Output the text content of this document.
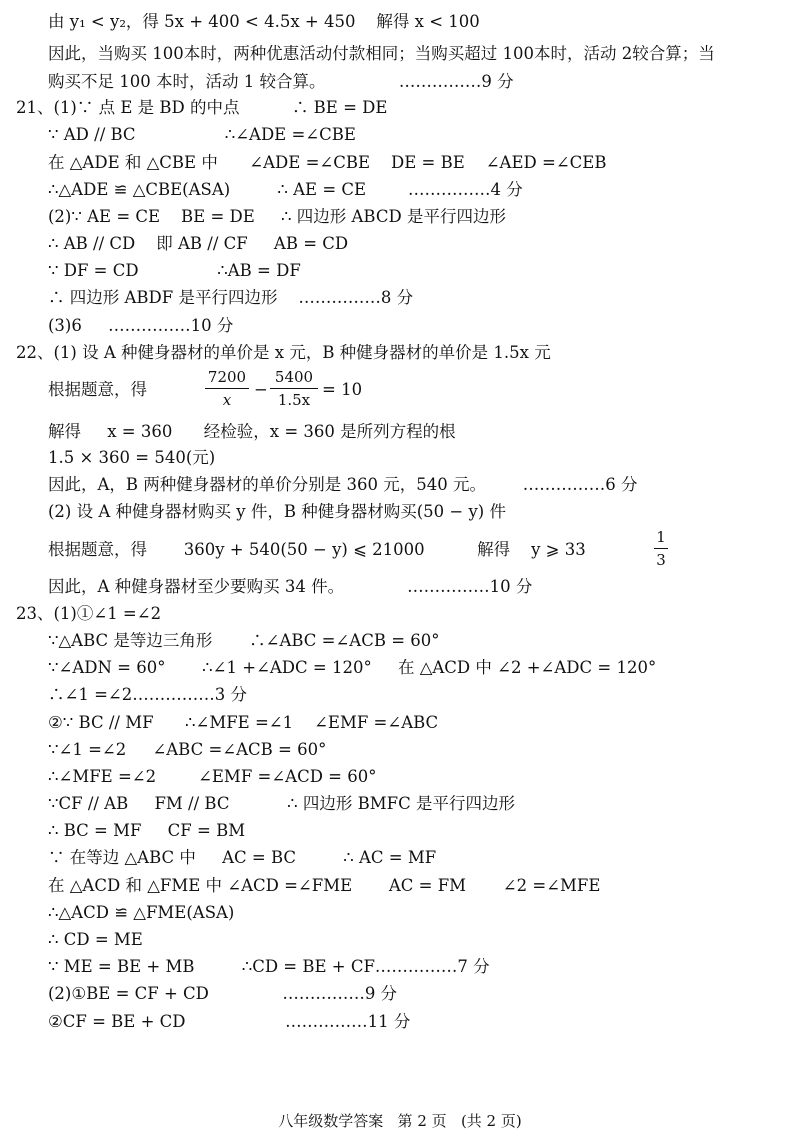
由 y₁ < y₂，得 5x + 400 < 4.5x + 450    解得 x < 100
因此，当购买 100本时，两种优惠活动付款相同；当购买超过 100本时，活动 2较合算；当
购买不足 100 本时，活动 1 较合算。              ……………9 分
21、(1)∵ 点 E 是 BD 的中点          ∴ BE = DE
∵ AD // BC                 ∴∠ADE =∠CBE
在 △ADE 和 △CBE 中      ∠ADE =∠CBE    DE = BE    ∠AED =∠CEB
∴△ADE ≌ △CBE(ASA)         ∴ AE = CE        ……………4 分
(2)∵ AE = CE    BE = DE     ∴ 四边形 ABCD 是平行四边形
∴ AB // CD    即 AB // CF     AB = CD
∵ DF = CD               ∴AB = DF
∴ 四边形 ABDF 是平行四边形    ……………8 分
(3)6     ……………10 分
22、(1) 设 A 种健身器材的单价是 x 元，B 种健身器材的单价是 1.5x 元
根据题意，得
7200
x
−
5400
1.5x
= 10
解得     x = 360      经检验，x = 360 是所列方程的根
1.5 × 360 = 540(元)
因此，A，B 两种健身器材的单价分别是 360 元，540 元。       ……………6 分
(2) 设 A 种健身器材购买 y 件，B 种健身器材购买(50 − y) 件
根据题意，得       360y + 540(50 − y) ⩽ 21000          解得    y ⩾ 33
1
3
因此，A 种健身器材至少要购买 34 件。            ……………10 分
23、(1)①∠1 =∠2
∵△ABC 是等边三角形       ∴∠ABC =∠ACB = 60°
∵∠ADN = 60°       ∴∠1 +∠ADC = 120°     在 △ACD 中 ∠2 +∠ADC = 120°
∴∠1 =∠2……………3 分
②∵ BC // MF      ∴∠MFE =∠1    ∠EMF =∠ABC
∵∠1 =∠2     ∠ABC =∠ACB = 60°
∴∠MFE =∠2        ∠EMF =∠ACD = 60°
∵CF // AB     FM // BC           ∴ 四边形 BMFC 是平行四边形
∴ BC = MF     CF = BM
∵ 在等边 △ABC 中     AC = BC         ∴ AC = MF
在 △ACD 和 △FME 中 ∠ACD =∠FME       AC = FM       ∠2 =∠MFE
∴△ACD ≌ △FME(ASA)
∴ CD = ME
∵ ME = BE + MB         ∴CD = BE + CF……………7 分
(2)①BE = CF + CD              ……………9 分
②CF = BE + CD                   ……………11 分
八年级数学答案   第 2 页   (共 2 页)
